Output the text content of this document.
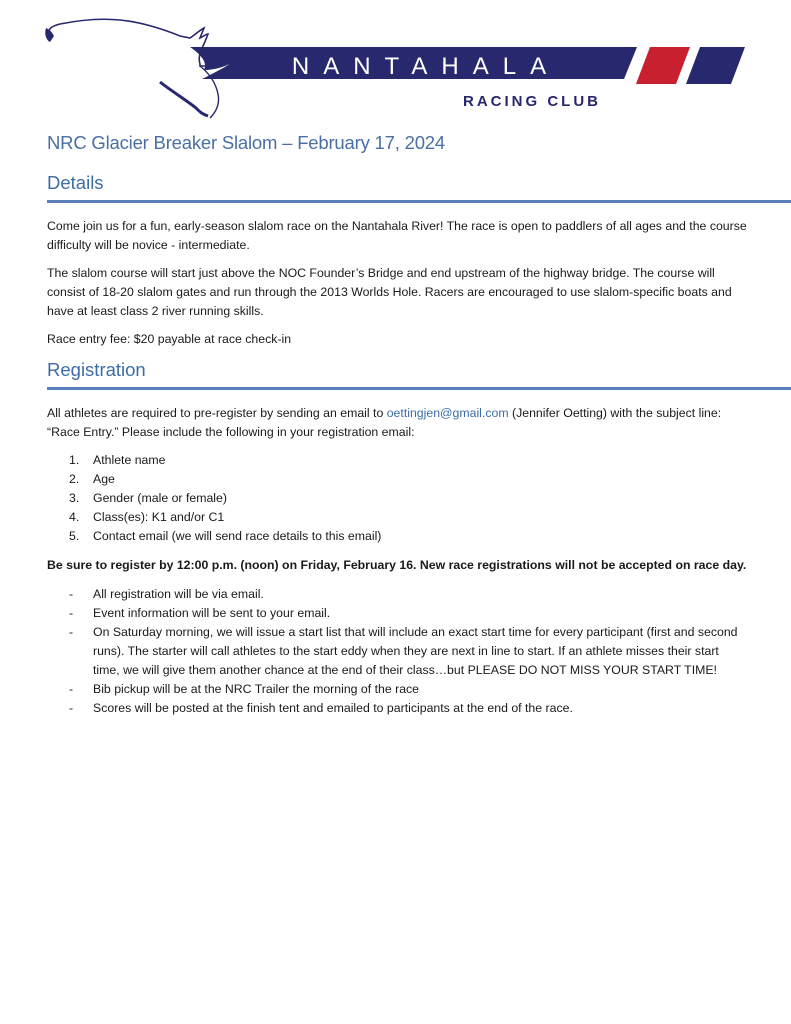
NANTAHALA
RACING CLUB
NRC Glacier Breaker Slalom – February 17, 2024
Details

Come join us for a fun, early-season slalom race on the Nantahala River! The race is open to paddlers of all ages and the course difficulty will be novice - intermediate.

The slalom course will start just above the NOC Founder’s Bridge and end upstream of the highway bridge. The course will consist of 18-20 slalom gates and run through the 2013 Worlds Hole. Racers are encouraged to use slalom-specific boats and have at least class 2 river running skills.

Race entry fee: $20 payable at race check-in

Registration

All athletes are required to pre-register by sending an email to oettingjen@gmail.com (Jennifer Oetting) with the subject line: “Race Entry.” Please include the following in your registration email:

1. Athlete name
2. Age
3. Gender (male or female)
4. Class(es): K1 and/or C1
5. Contact email (we will send race details to this email)

Be sure to register by 12:00 p.m. (noon) on Friday, February 16. New race registrations will not be accepted on race day.

- All registration will be via email.
- Event information will be sent to your email.
- On Saturday morning, we will issue a start list that will include an exact start time for every participant (first and second runs). The starter will call athletes to the start eddy when they are next in line to start. If an athlete misses their start time, we will give them another chance at the end of their class…but PLEASE DO NOT MISS YOUR START TIME!
- Bib pickup will be at the NRC Trailer the morning of the race
- Scores will be posted at the finish tent and emailed to participants at the end of the race.
